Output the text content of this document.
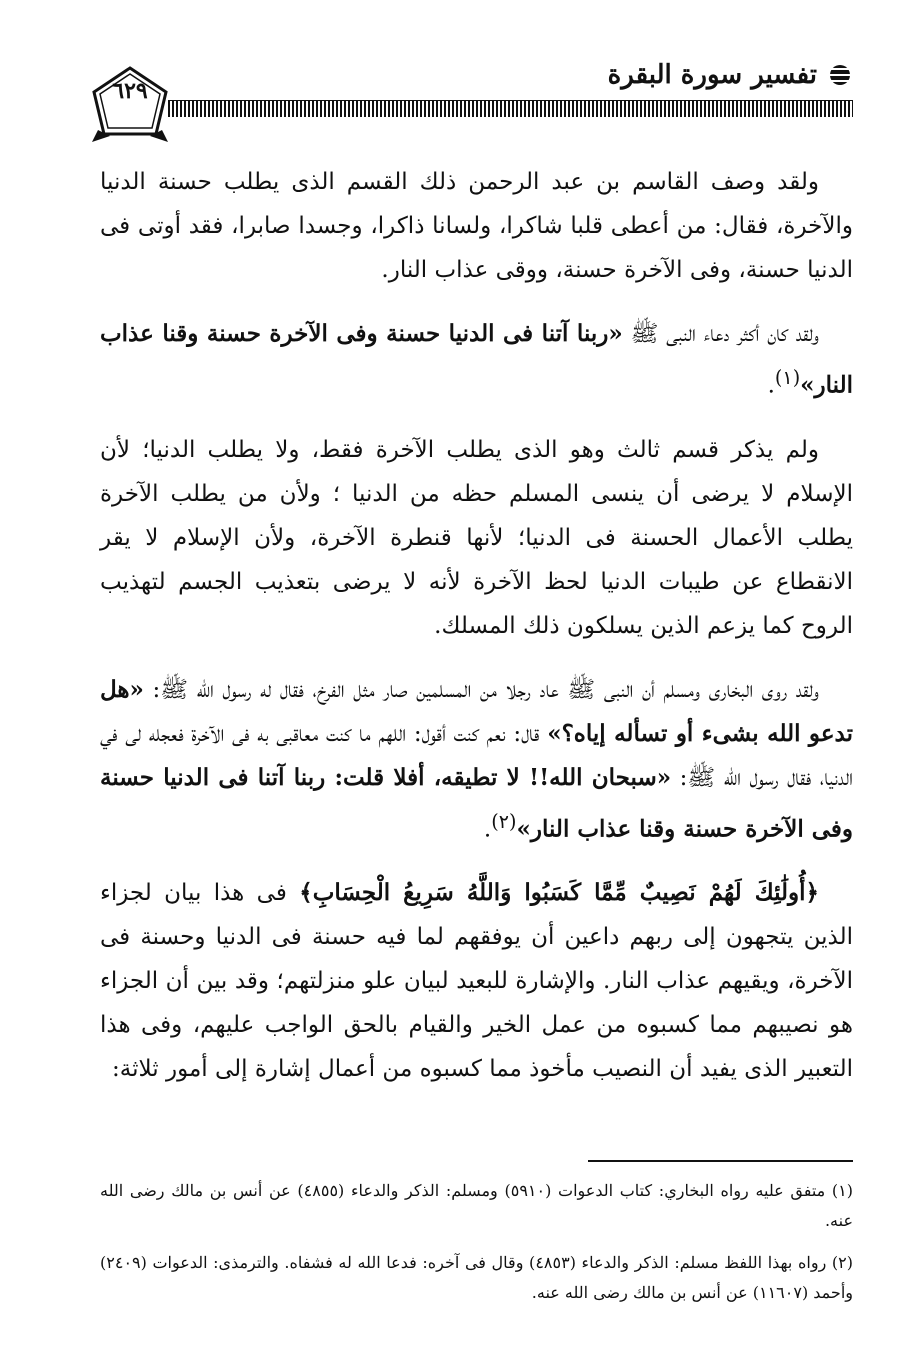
تفسير سورة البقرة
٦٢٩

ولقد وصف القاسم بن عبد الرحمن ذلك القسم الذى يطلب حسنة الدنيا والآخرة، فقال: من أعطى قلبا شاكرا، ولسانا ذاكرا، وجسدا صابرا، فقد أوتى فى الدنيا حسنة، وفى الآخرة حسنة، ووقى عذاب النار.

ولقد كان أكثر دعاء النبى ﷺ «ربنا آتنا فى الدنيا حسنة وفى الآخرة حسنة وقنا عذاب النار»$^{(١)}$.

ولم يذكر قسم ثالث وهو الذى يطلب الآخرة فقط، ولا يطلب الدنيا؛ لأن الإسلام لا يرضى أن ينسى المسلم حظه من الدنيا ؛ ولأن من يطلب الآخرة يطلب الأعمال الحسنة فى الدنيا؛ لأنها قنطرة الآخرة، ولأن الإسلام لا يقر الانقطاع عن طيبات الدنيا لحظ الآخرة لأنه لا يرضى بتعذيب الجسم لتهذيب الروح كما يزعم الذين يسلكون ذلك المسلك.

ولقد روى البخارى ومسلم أن النبى ﷺ عاد رجلا من المسلمين صار مثل الفرخ، فقال له رسول الله ﷺ: «هل تدعو الله بشىء أو تسأله إياه؟» قال: نعم كنت أقول: اللهم ما كنت معاقبى به فى الآخرة فعجله لى في الدنيا، فقال رسول الله ﷺ: «سبحان الله!! لا تطيقه، أفلا قلت: ربنا آتنا فى الدنيا حسنة وفى الآخرة حسنة وقنا عذاب النار»$^{(٢)}$.

﴿أُولَٰئِكَ لَهُمْ نَصِيبٌ مِّمَّا كَسَبُوا وَاللَّهُ سَرِيعُ الْحِسَابِ﴾ فى هذا بيان لجزاء الذين يتجهون إلى ربهم داعين أن يوفقهم لما فيه حسنة فى الدنيا وحسنة فى الآخرة، ويقيهم عذاب النار. والإشارة للبعيد لبيان علو منزلتهم؛ وقد بين أن الجزاء هو نصيبهم مما كسبوه من عمل الخير والقيام بالحق الواجب عليهم، وفى هذا التعبير الذى يفيد أن النصيب مأخوذ مما كسبوه من أعمال إشارة إلى أمور ثلاثة:

(١) متفق عليه رواه البخاري: كتاب الدعوات (٥٩١٠) ومسلم: الذكر والدعاء (٤٨٥٥) عن أنس بن مالك رضى الله عنه.

(٢) رواه بهذا اللفظ مسلم: الذكر والدعاء (٤٨٥٣) وقال فى آخره: فدعا الله له فشفاه. والترمذى: الدعوات (٢٤٠٩) وأحمد (١١٦٠٧) عن أنس بن مالك رضى الله عنه.
